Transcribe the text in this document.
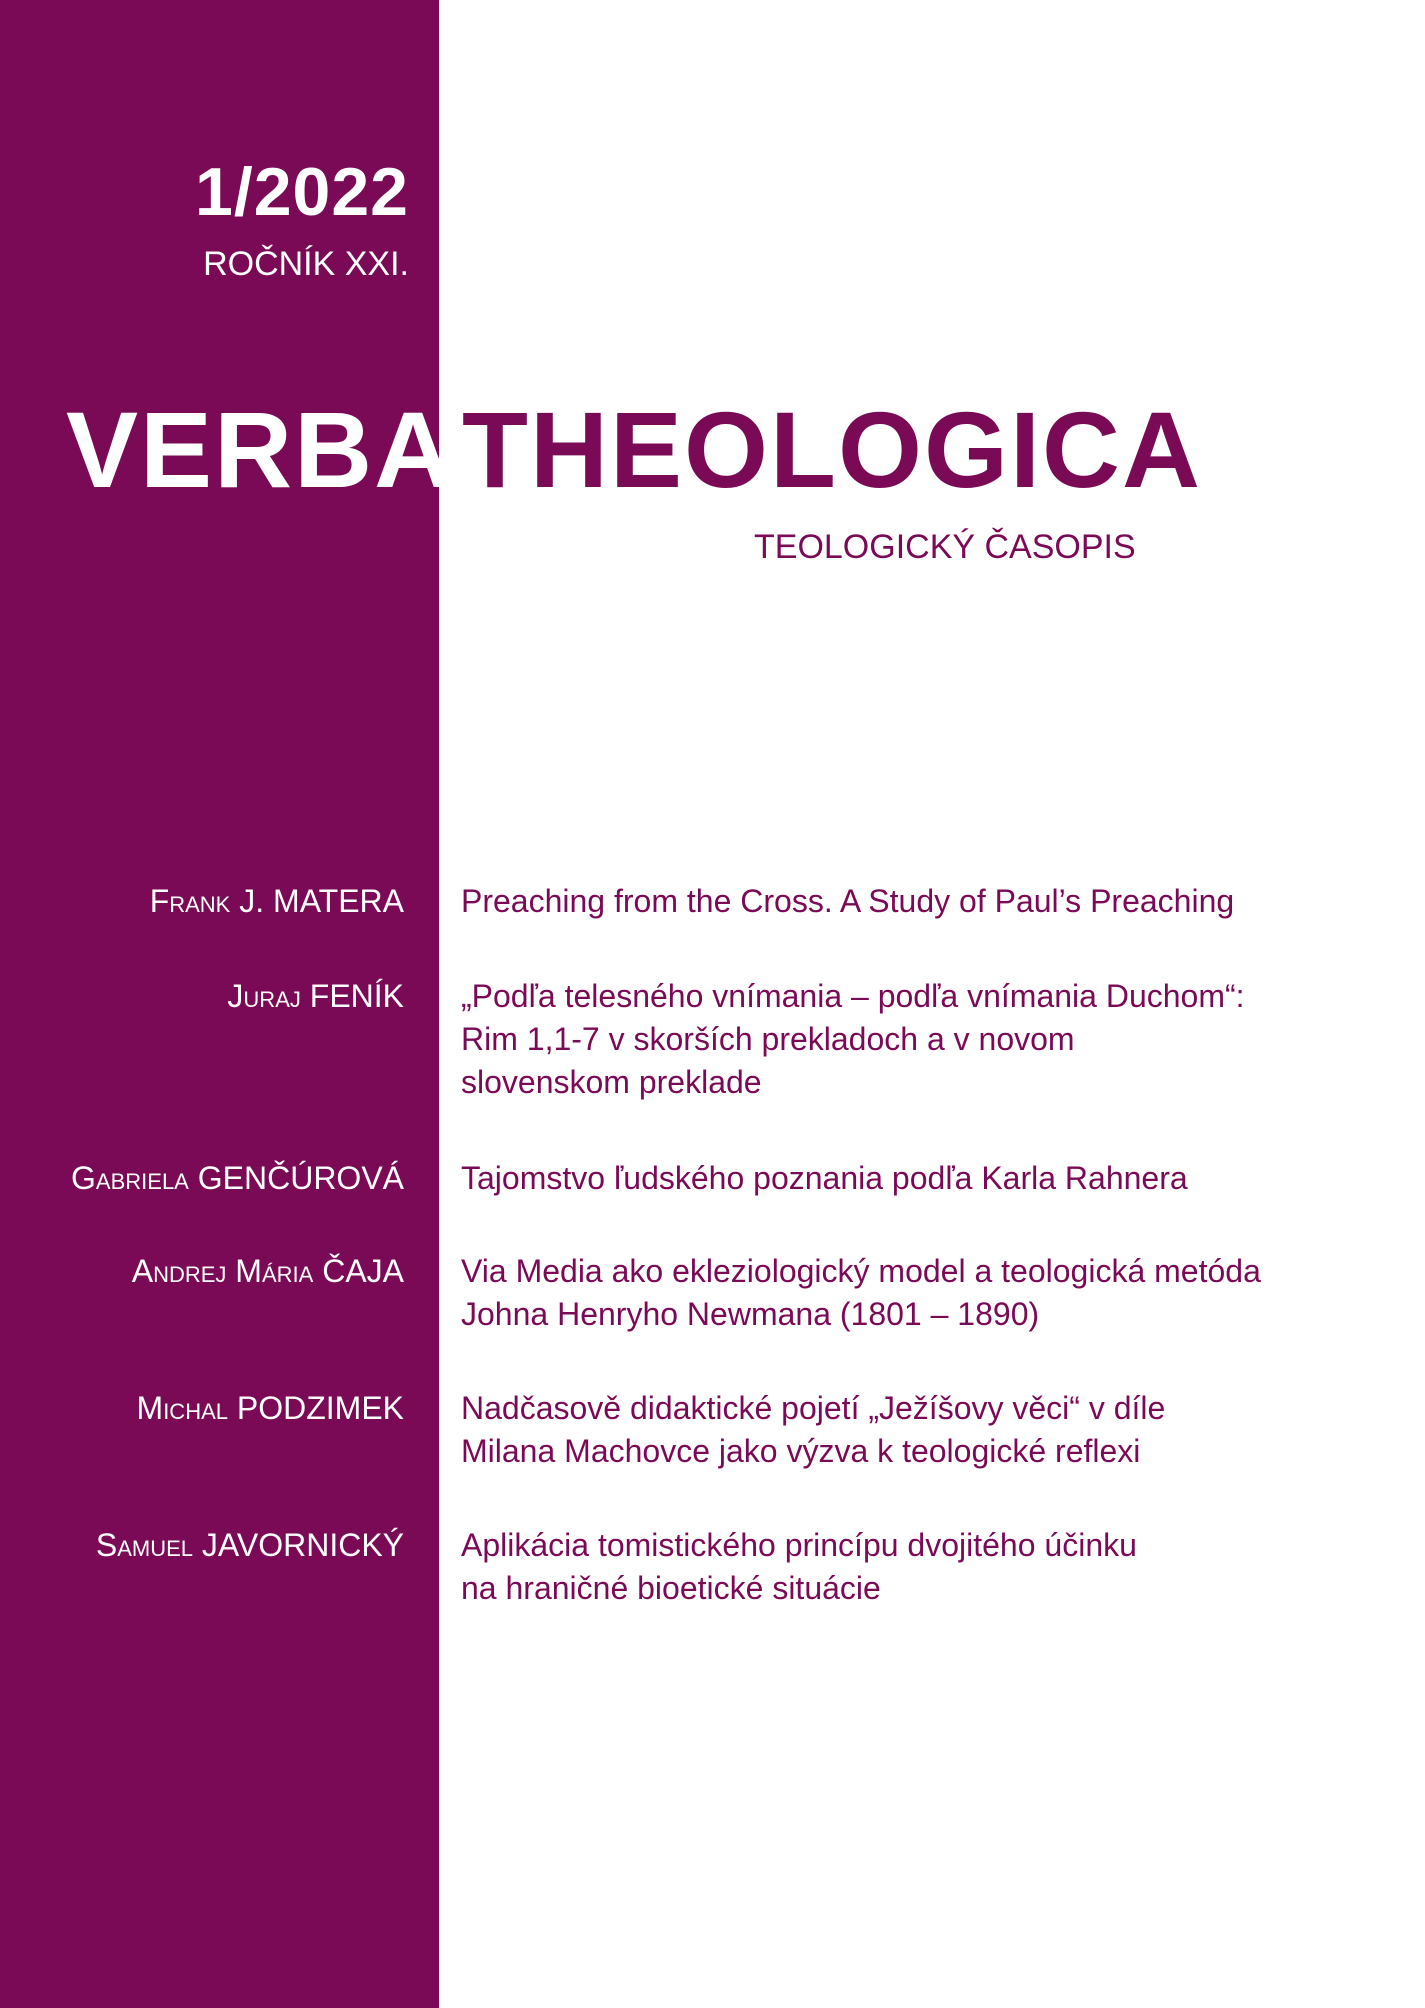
1/2022
ROČNÍK XXI.
VERBA THEOLOGICA
TEOLOGICKÝ ČASOPIS
Frank J. MATERA Preaching from the Cross. A Study of Paul’s Preaching
Juraj FENÍK „Podľa telesného vnímania – podľa vnímania Duchom“:
Rim 1,1-7 v skorších prekladoch a v novom
slovenskom preklade
Gabriela GENČÚROVÁ Tajomstvo ľudského poznania podľa Karla Rahnera
Andrej Mária ČAJA Via Media ako ekleziologický model a teologická metóda
Johna Henryho Newmana (1801 – 1890)
Michal PODZIMEK Nadčasově didaktické pojetí „Ježíšovy věci“ v díle
Milana Machovce jako výzva k teologické reflexi
Samuel JAVORNICKÝ Aplikácia tomistického princípu dvojitého účinku
na hraničné bioetické situácie
